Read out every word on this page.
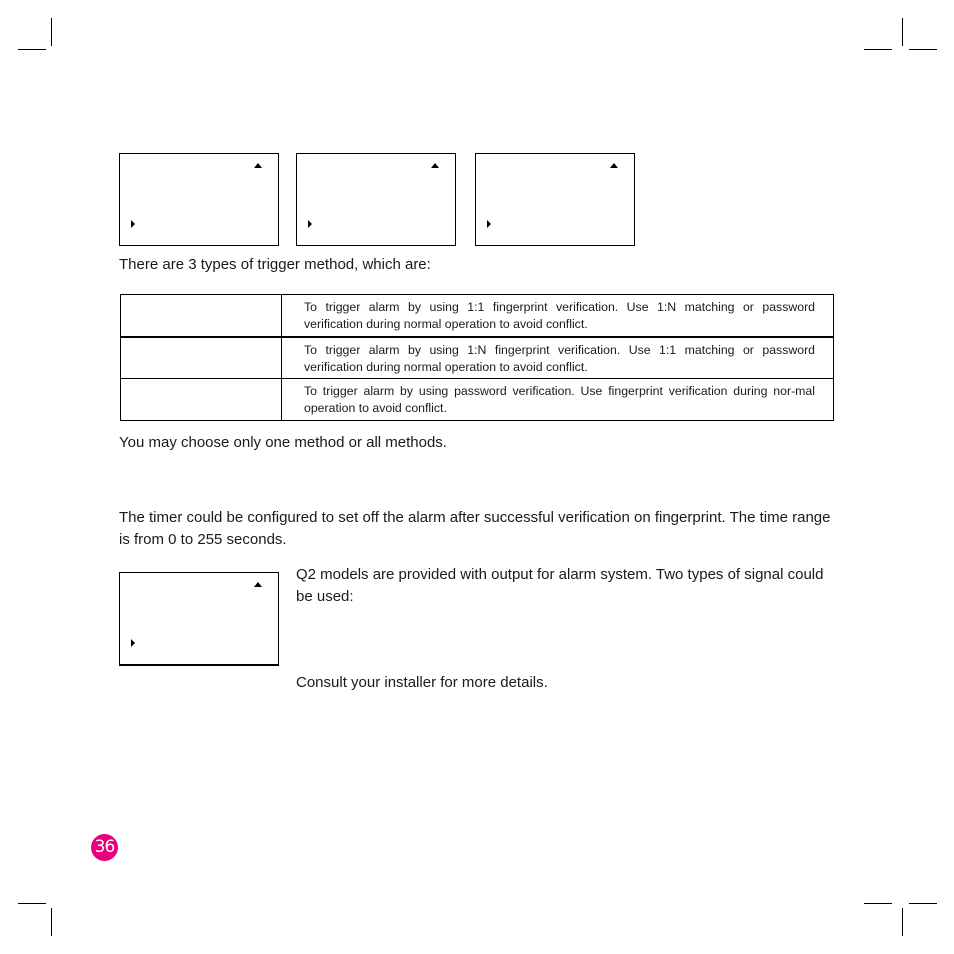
There are 3 types of trigger method, which are:
	To trigger alarm by using 1:1 fingerprint verification. Use 1:N matching or password verification during normal operation to avoid conflict.
	To trigger alarm by using 1:N fingerprint verification. Use 1:1 matching or password verification during normal operation to avoid conflict.
	To trigger alarm by using password verification. Use fingerprint verification during nor-mal operation to avoid conflict.
You may choose only one method or all methods.
The timer could be configured to set off the alarm after successful verification on fingerprint. The time range is from 0 to 255 seconds.
Q2 models are provided with output for alarm system. Two types of signal could be used:
Consult your installer for more details.
36
